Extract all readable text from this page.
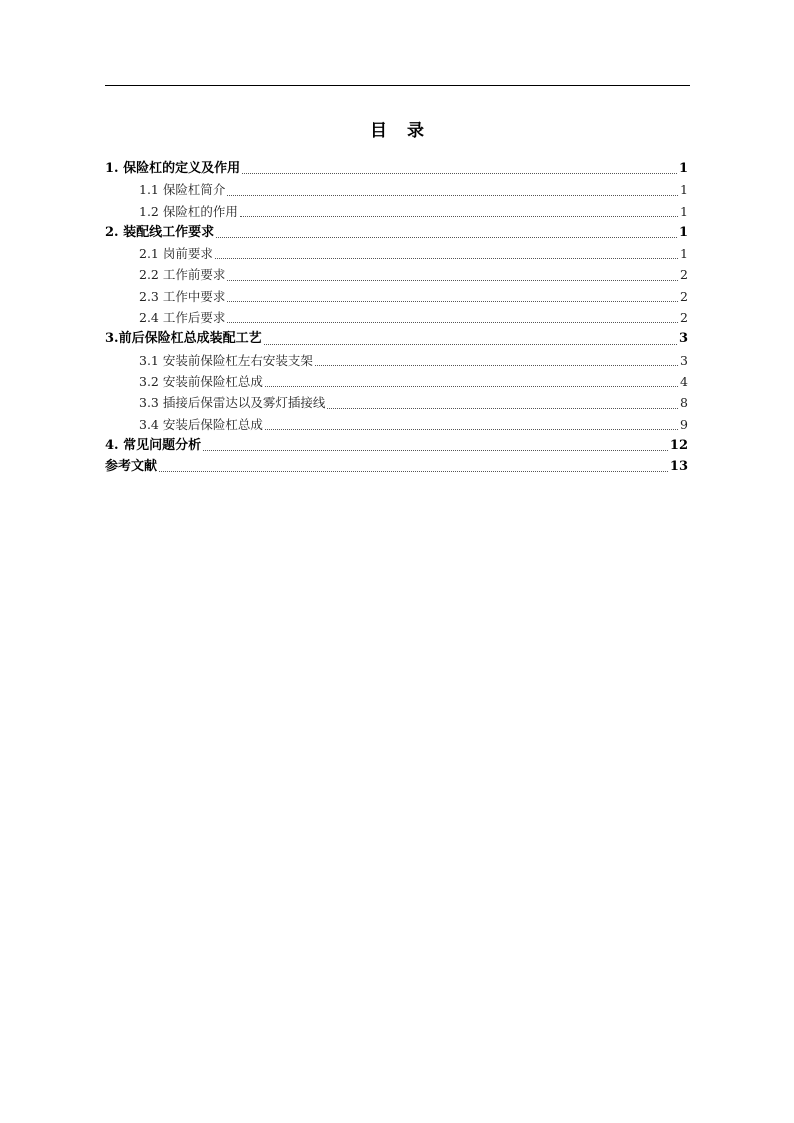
目 录
1. 保险杠的定义及作用	1
1.1 保险杠简介	1
1.2 保险杠的作用	1
2. 装配线工作要求	1
2.1 岗前要求	1
2.2 工作前要求	2
2.3 工作中要求	2
2.4 工作后要求	2
3.前后保险杠总成装配工艺	3
3.1 安装前保险杠左右安装支架	3
3.2 安装前保险杠总成	4
3.3 插接后保雷达以及雾灯插接线	8
3.4 安装后保险杠总成	9
4. 常见问题分析	12
参考文献	13
